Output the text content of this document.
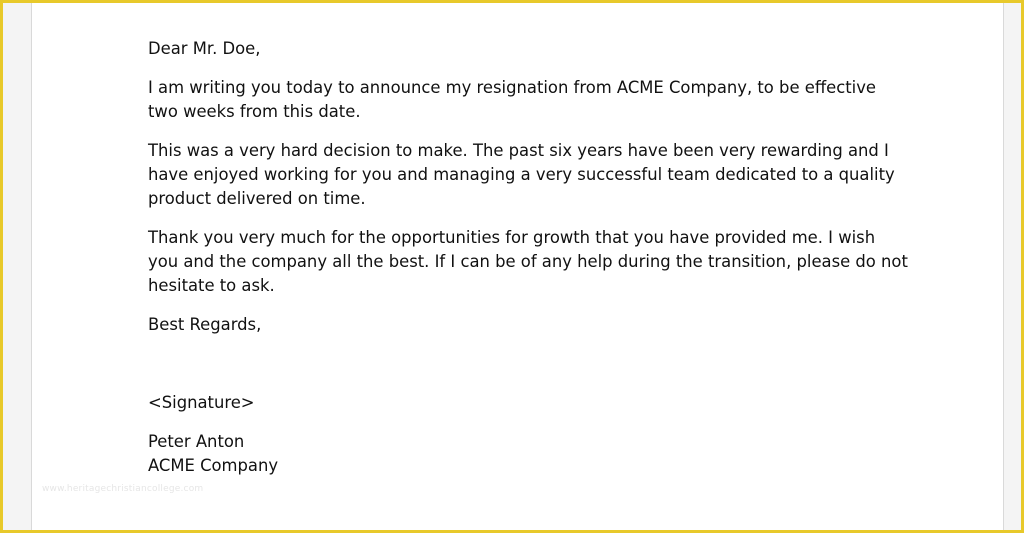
www.heritagechristiancollege.com

Dear Mr. Doe,

I am writing you today to announce my resignation from ACME Company, to be effective two weeks from this date.

This was a very hard decision to make. The past six years have been very rewarding and I have enjoyed working for you and managing a very successful team dedicated to a quality product delivered on time.

Thank you very much for the opportunities for growth that you have provided me. I wish you and the company all the best. If I can be of any help during the transition, please do not hesitate to ask.

Best Regards,

<Signature>

Peter Anton
ACME Company
